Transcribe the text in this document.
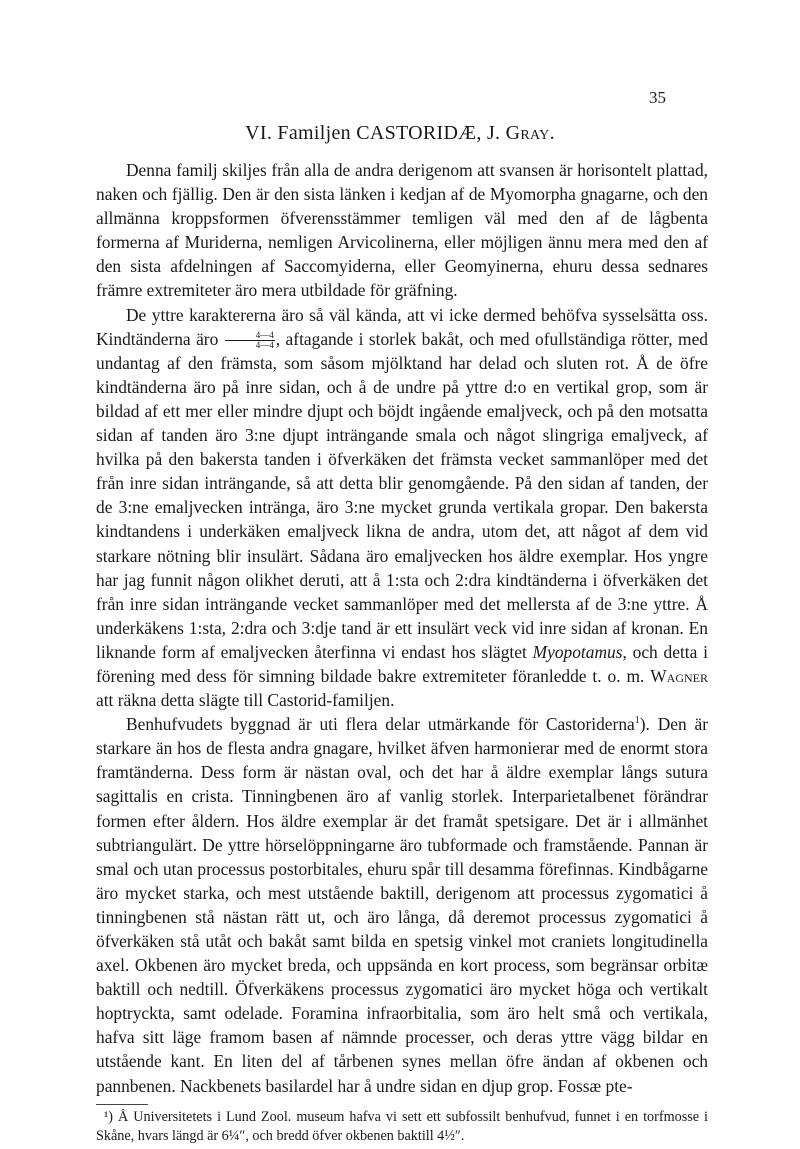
35
VI. Familjen CASTORIDÆ, J. Gray.

Denna familj skiljes från alla de andra derigenom att svansen är horisontelt plattad, naken och fjällig. Den är den sista länken i kedjan af de Myomorpha gnagarne, och den allmänna kroppsformen öfverensstämmer temligen väl med den af de lågbenta formerna af Muriderna, nemligen Arvicolinerna, eller möjligen ännu mera med den af den sista afdelningen af Saccomyiderna, eller Geomyinerna, ehuru dessa sednares främre extremiteter äro mera utbildade för gräfning.

De yttre karaktererna äro så väl kända, att vi icke dermed behöfva sysselsätta oss. Kindtänderna äro $\frac{4—4}{4—4}$ , aftagande i storlek bakåt, och med ofullständiga rötter, med undantag af den främsta, som såsom mjölktand har delad och sluten rot. Å de öfre kindtänderna äro på inre sidan, och å de undre på yttre d:o en vertikal grop, som är bildad af ett mer eller mindre djupt och böjdt ingående emaljveck, och på den motsatta sidan af tanden äro 3:ne djupt inträngande smala och något slingriga emaljveck, af hvilka på den bakersta tanden i öfverkäken det främsta vecket sammanlöper med det från inre sidan inträngande, så att detta blir genomgående. På den sidan af tanden, der de 3:ne emaljvecken intränga, äro 3:ne mycket grunda vertikala gropar. Den bakersta kindtandens i underkäken emaljveck likna de andra, utom det, att något af dem vid starkare nötning blir insulärt. Sådana äro emaljvecken hos äldre exemplar. Hos yngre har jag funnit någon olikhet deruti, att å 1:sta och 2:dra kindtänderna i öfverkäken det från inre sidan inträngande vecket sammanlöper med det mellersta af de 3:ne yttre. Å underkäkens 1:sta, 2:dra och 3:dje tand är ett insulärt veck vid inre sidan af kronan. En liknande form af emaljvecken återfinna vi endast hos slägtet Myopotamus, och detta i förening med dess för simning bildade bakre extremiteter föranledde t. o. m. Wagner att räkna detta slägte till Castorid-familjen.

Benhufvudets byggnad är uti flera delar utmärkande för Castoriderna$^1$). Den är starkare än hos de flesta andra gnagare, hvilket äfven harmonierar med de enormt stora framtänderna. Dess form är nästan oval, och det har å äldre exemplar långs sutura sagittalis en crista. Tinningbenen äro af vanlig storlek. Interparietalbenet förändrar formen efter åldern. Hos äldre exemplar är det framåt spetsigare. Det är i allmänhet subtriangulärt. De yttre hörselöppningarne äro tubformade och framstående. Pannan är smal och utan processus postorbitales, ehuru spår till desamma förefinnas. Kindbågarne äro mycket starka, och mest utstående baktill, derigenom att processus zygomatici å tinningbenen stå nästan rätt ut, och äro långa, då deremot processus zygomatici å öfverkäken stå utåt och bakåt samt bilda en spetsig vinkel mot craniets longitudinella axel. Okbenen äro mycket breda, och uppsända en kort process, som begränsar orbitæ baktill och nedtill. Öfverkäkens processus zygomatici äro mycket höga och vertikalt hoptryckta, samt odelade. Foramina infraorbitalia, som äro helt små och vertikala, hafva sitt läge framom basen af nämnde processer, och deras yttre vägg bildar en utstående kant. En liten del af tårbenen synes mellan öfre ändan af okbenen och pannbenen. Nackbenets basilardel har å undre sidan en djup grop. Fossæ pte-

¹) Å Universitetets i Lund Zool. museum hafva vi sett ett subfossilt benhufvud, funnet i en torfmosse i Skåne, hvars längd är 6¼″, och bredd öfver okbenen baktill 4½″.
